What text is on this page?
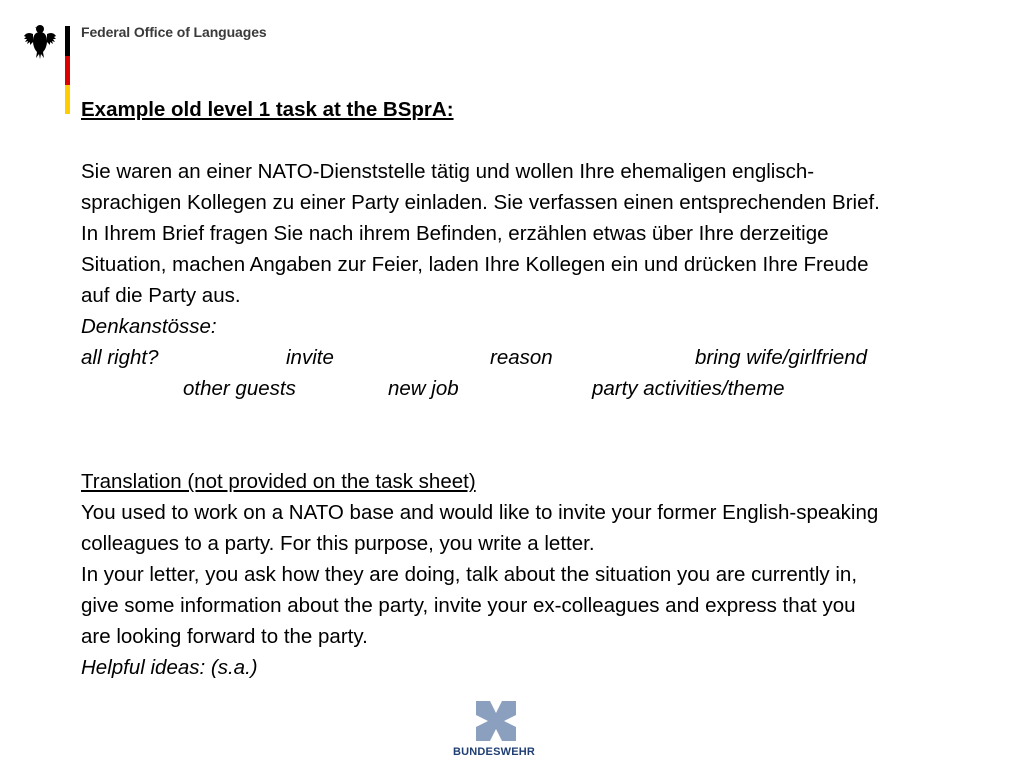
Federal Office of Languages
Example old level 1 task at the BSprA:
Sie waren an einer NATO-Dienststelle tätig und wollen Ihre ehemaligen englisch-
sprachigen Kollegen zu einer Party einladen. Sie verfassen einen entsprechenden Brief.
In Ihrem Brief fragen Sie nach ihrem Befinden, erzählen etwas über Ihre derzeitige
Situation, machen Angaben zur Feier, laden Ihre Kollegen ein und drücken Ihre Freude
auf die Party aus.
Denkanstösse:
all right?	invite	reason	bring wife/girlfriend
other guests	new job	party activities/theme
Translation (not provided on the task sheet)
You used to work on a NATO base and would like to invite your former English-speaking
colleagues to a party. For this purpose, you write a letter.
In your letter, you ask how they are doing, talk about the situation you are currently in,
give some information about the party, invite your ex-colleagues and express that you
are looking forward to the party.
Helpful ideas: (s.a.)
BUNDESWEHR
